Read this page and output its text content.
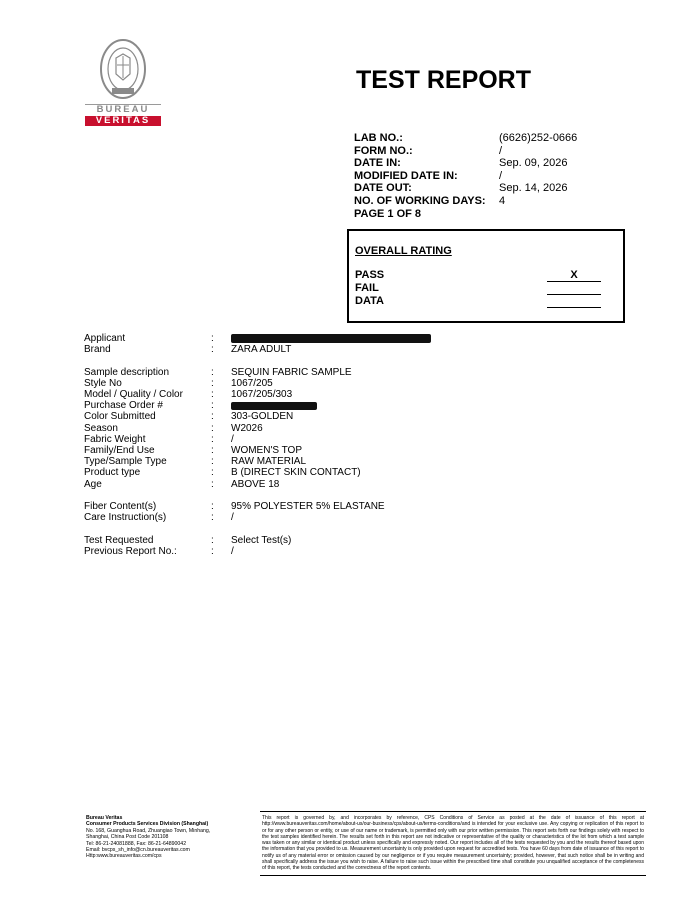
BUREAU
VERITAS
TEST REPORT
LAB NO.:	(6626)252-0666
FORM NO.:	/
DATE IN:	Sep. 09, 2026
MODIFIED DATE IN:	/
DATE OUT:	Sep. 14, 2026
NO. OF WORKING DAYS:	4
PAGE 1 OF 8
OVERALL RATING
PASS	X
FAIL
DATA
Applicant	:
Brand	: ZARA ADULT
Sample description	: SEQUIN FABRIC SAMPLE
Style No	: 1067/205
Model / Quality / Color	: 1067/205/303
Purchase Order #	:
Color Submitted	: 303-GOLDEN
Season	: W2026
Fabric Weight	: /
Family/End Use	: WOMEN'S TOP
Type/Sample Type	: RAW MATERIAL
Product type	: B (DIRECT SKIN CONTACT)
Age	: ABOVE 18
Fiber Content(s)	: 95% POLYESTER 5% ELASTANE
Care Instruction(s)	: /
Test Requested	: Select Test(s)
Previous Report No.:	: /
Bureau Veritas
Consumer Products Services Division (Shanghai)
No. 168, Guanghua Road, Zhuangiao Town, Minhang,
Shanghai, China Post Code 201108
Tel: 86-21-24081888, Fax: 86-21-64890042
Email: bvcps_sh_info@cn.bureauveritas.com
Http:www.bureauveritas.com/cps
This report is governed by, and incorporates by reference, CPS Conditions of Service as posted at the date of issuance of this report at http://www.bureauveritas.com/home/about-us/our-business/cps/about-us/terms-conditions/and is intended for your exclusive use. Any copying or replication of this report to or for any other person or entity, or use of our name or trademark, is permitted only with our prior written permission. This report sets forth our findings solely with respect to the test samples identified herein. The results set forth in this report are not indicative or representative of the quality or characteristics of the lot from which a test sample was taken or any similar or identical product unless specifically and expressly noted. Our report includes all of the tests requested by you and the results thereof based upon the information that you provided to us. Measurement uncertainty is only provided upon request for accredited tests. You have 60 days from date of issuance of this report to notify us of any material error or omission caused by our negligence or if you require measurement uncertainty; provided, however, that such notice shall be in writing and shall specifically address the issue you wish to raise. A failure to raise such issue within the prescribed time shall constitute you unqualified acceptance of the completeness of this report, the tests conducted and the correctness of the report contents.
